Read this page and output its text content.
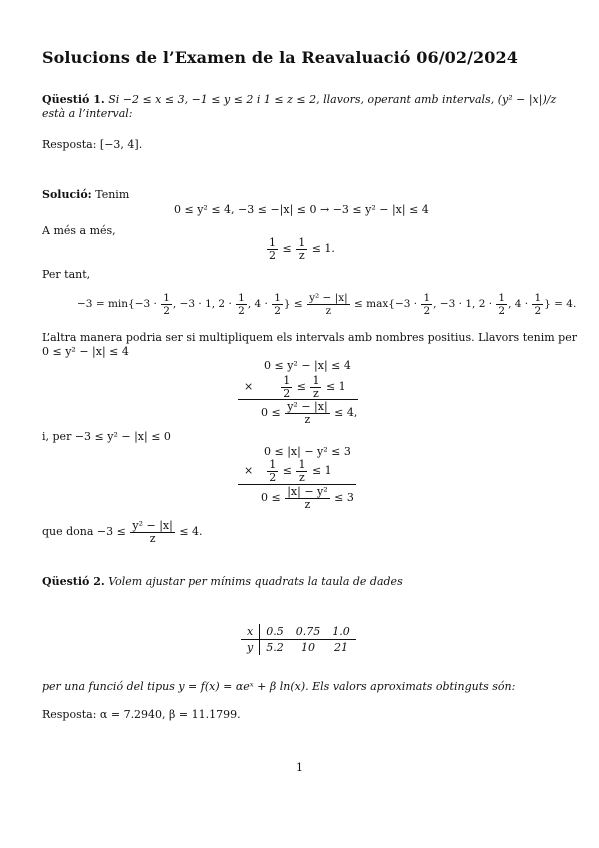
Solucions de l’Examen de la Reavaluació 06/02/2024
Qüestió 1. Si −2 ≤ x ≤ 3, −1 ≤ y ≤ 2 i 1 ≤ z ≤ 2, llavors, operant amb intervals, (y² − |x|)/z
està a l’interval:
Resposta: [−3, 4].
Solució: Tenim
0 ≤ y² ≤ 4, −3 ≤ −|x| ≤ 0 → −3 ≤ y² − |x| ≤ 4
A més a més,
$\frac{1}{2} \le \frac{1}{z} \le 1$.
Per tant,
$-3 = \min\{-3 \cdot \frac{1}{2}$ , −3 · 1, $2 \cdot \frac{1}{2}$ , $4 \cdot \frac{1}{2}$ } ≤ $\frac{\text{y² − |x|}}{z} \le \max\{-3 \cdot \frac{1}{2}$ , −3 · 1, $2 \cdot \frac{1}{2}$ , $4 \cdot \frac{1}{2}$ } = 4.
L’altra manera podria ser si multipliquem els intervals amb nombres positius. Llavors tenim per
0 ≤ y² − |x| ≤ 4
0 ≤ y² − |x| ≤ 4
×	$\frac{1}{2} \le \frac{1}{z} \le 1$
$0 \le \frac{\text{y² − |x|}}{z} \le 4$,
i, per −3 ≤ y² − |x| ≤ 0
0 ≤ |x| − y² ≤ 3
× $\frac{1}{2} \le \frac{1}{z} \le 1$
$0 \le \frac{\text{|x| − y²}}{z} \le 3$
que dona $-3 \le \frac{\text{y² − |x|}}{z} \le 4$.
Qüestió 2. Volem ajustar per mínims quadrats la taula de dades
x	0.5	0.75	1.0
y	5.2	10	21
per una funció del tipus y = f(x) = αeˣ + β ln(x). Els valors aproximats obtinguts són:
Resposta: α = 7.2940, β = 11.1799.
1
